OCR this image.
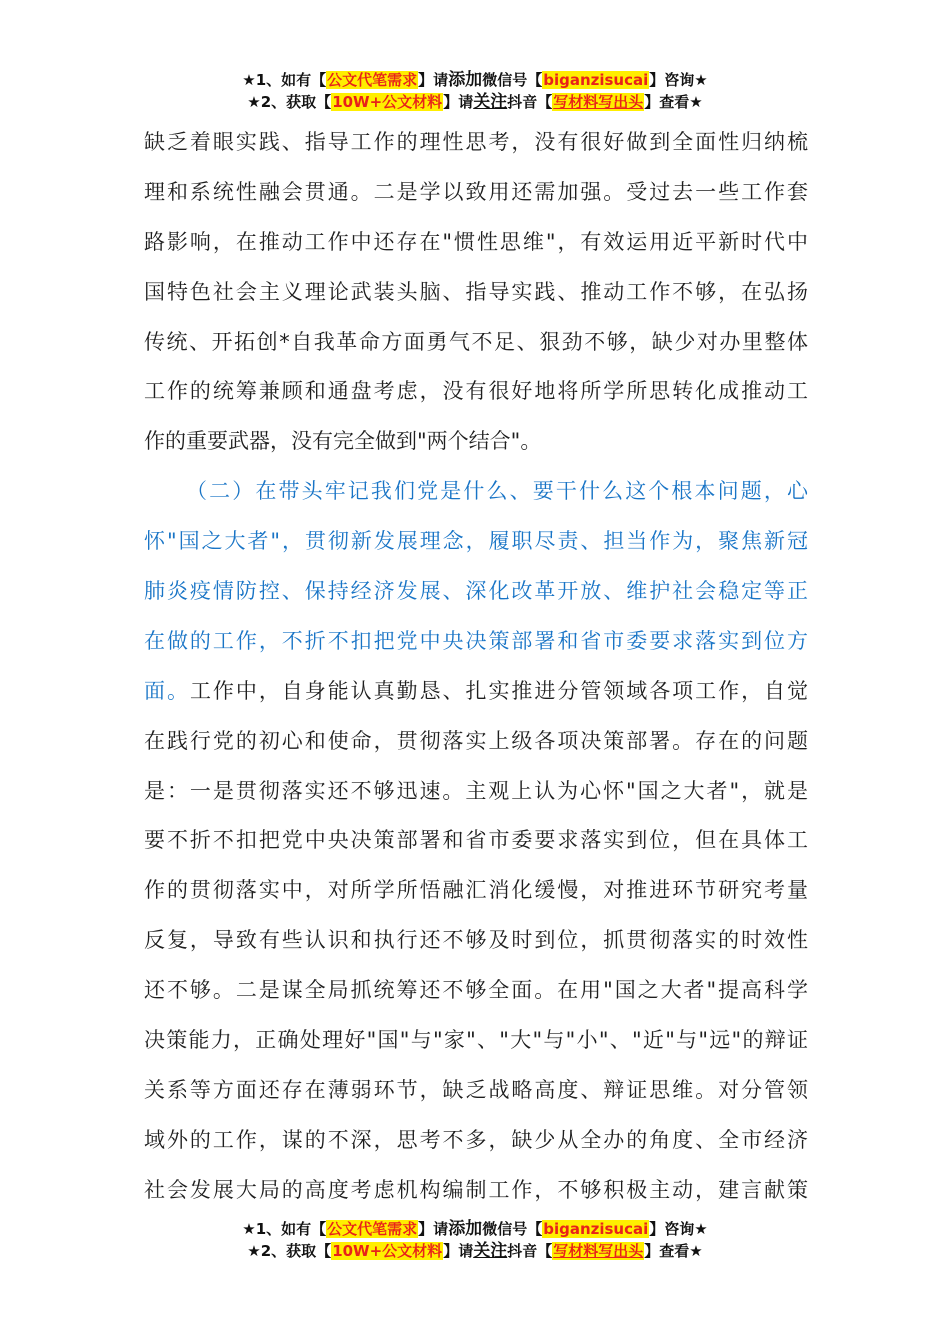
★1、如有【公文代笔需求】请添加微信号【biganzisucai】咨询★
★2、获取【10W+公文材料】请关注抖音【写材料写出头】查看★
缺乏着眼实践、指导工作的理性思考，没有很好做到全面性归纳梳
理和系统性融会贯通。二是学以致用还需加强。受过去一些工作套
路影响，在推动工作中还存在"惯性思维"，有效运用近平新时代中
国特色社会主义理论武装头脑、指导实践、推动工作不够，在弘扬
传统、开拓创*自我革命方面勇气不足、狠劲不够，缺少对办里整体
工作的统筹兼顾和通盘考虑，没有很好地将所学所思转化成推动工
作的重要武器，没有完全做到"两个结合"。
（二）在带头牢记我们党是什么、要干什么这个根本问题，心
怀"国之大者"，贯彻新发展理念，履职尽责、担当作为，聚焦新冠
肺炎疫情防控、保持经济发展、深化改革开放、维护社会稳定等正
在做的工作，不折不扣把党中央决策部署和省市委要求落实到位方
面。工作中，自身能认真勤恳、扎实推进分管领域各项工作，自觉
在践行党的初心和使命，贯彻落实上级各项决策部署。存在的问题
是：一是贯彻落实还不够迅速。主观上认为心怀"国之大者"，就是
要不折不扣把党中央决策部署和省市委要求落实到位，但在具体工
作的贯彻落实中，对所学所悟融汇消化缓慢，对推进环节研究考量
反复，导致有些认识和执行还不够及时到位，抓贯彻落实的时效性
还不够。二是谋全局抓统筹还不够全面。在用"国之大者"提高科学
决策能力，正确处理好"国"与"家"、"大"与"小"、"近"与"远"的辩证
关系等方面还存在薄弱环节，缺乏战略高度、辩证思维。对分管领
域外的工作，谋的不深，思考不多，缺少从全办的角度、全市经济
社会发展大局的高度考虑机构编制工作，不够积极主动，建言献策
★1、如有【公文代笔需求】请添加微信号【biganzisucai】咨询★
★2、获取【10W+公文材料】请关注抖音【写材料写出头】查看★
